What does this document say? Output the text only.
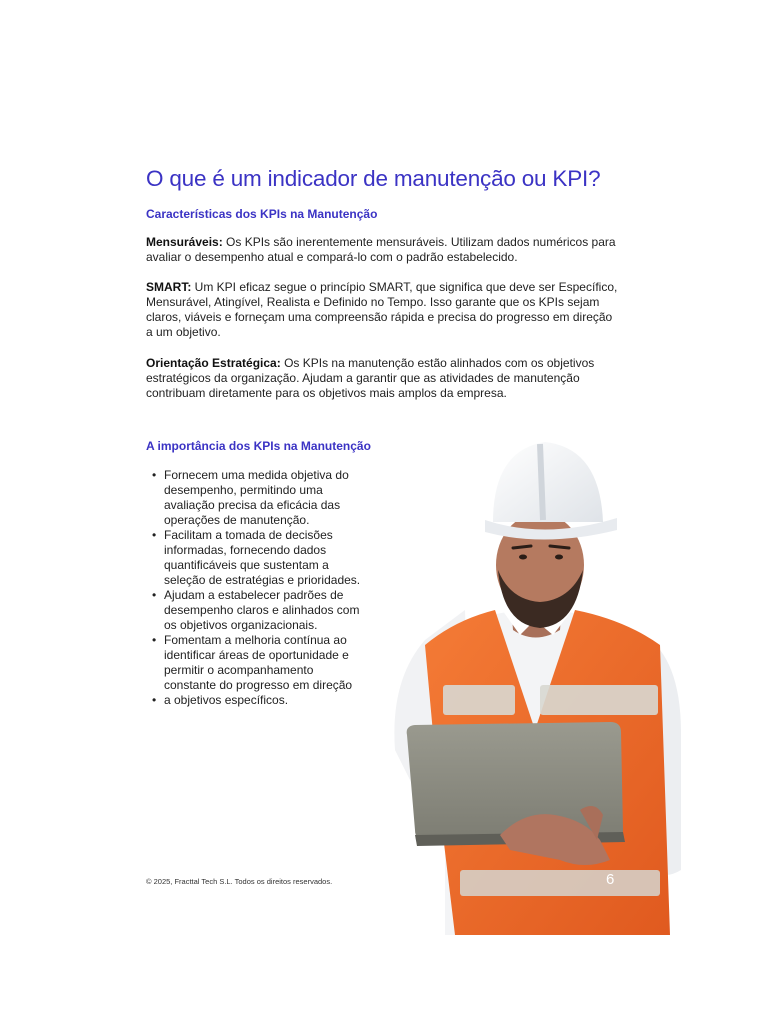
O que é um indicador de manutenção ou KPI?
Características dos KPIs na Manutenção

Mensuráveis: Os KPIs são inerentemente mensuráveis. Utilizam dados numéricos para
avaliar o desempenho atual e compará-lo com o padrão estabelecido.

SMART: Um KPI eficaz segue o princípio SMART, que significa que deve ser Específico,
Mensurável, Atingível, Realista e Definido no Tempo. Isso garante que os KPIs sejam
claros, viáveis e forneçam uma compreensão rápida e precisa do progresso em direção
a um objetivo.

Orientação Estratégica: Os KPIs na manutenção estão alinhados com os objetivos
estratégicos da organização. Ajudam a garantir que as atividades de manutenção
contribuam diretamente para os objetivos mais amplos da empresa.

A importância dos KPIs na Manutenção
• Fornecem uma medida objetiva do
desempenho, permitindo uma
avaliação precisa da eficácia das
operações de manutenção.
• Facilitam a tomada de decisões
informadas, fornecendo dados
quantificáveis que sustentam a
seleção de estratégias e prioridades.
• Ajudam a estabelecer padrões de
desempenho claros e alinhados com
os objetivos organizacionais.
• Fomentam a melhoria contínua ao
identificar áreas de oportunidade e
permitir o acompanhamento
constante do progresso em direção
• a objetivos específicos.
© 2025, Fracttal Tech S.L. Todos os direitos reservados.	6
